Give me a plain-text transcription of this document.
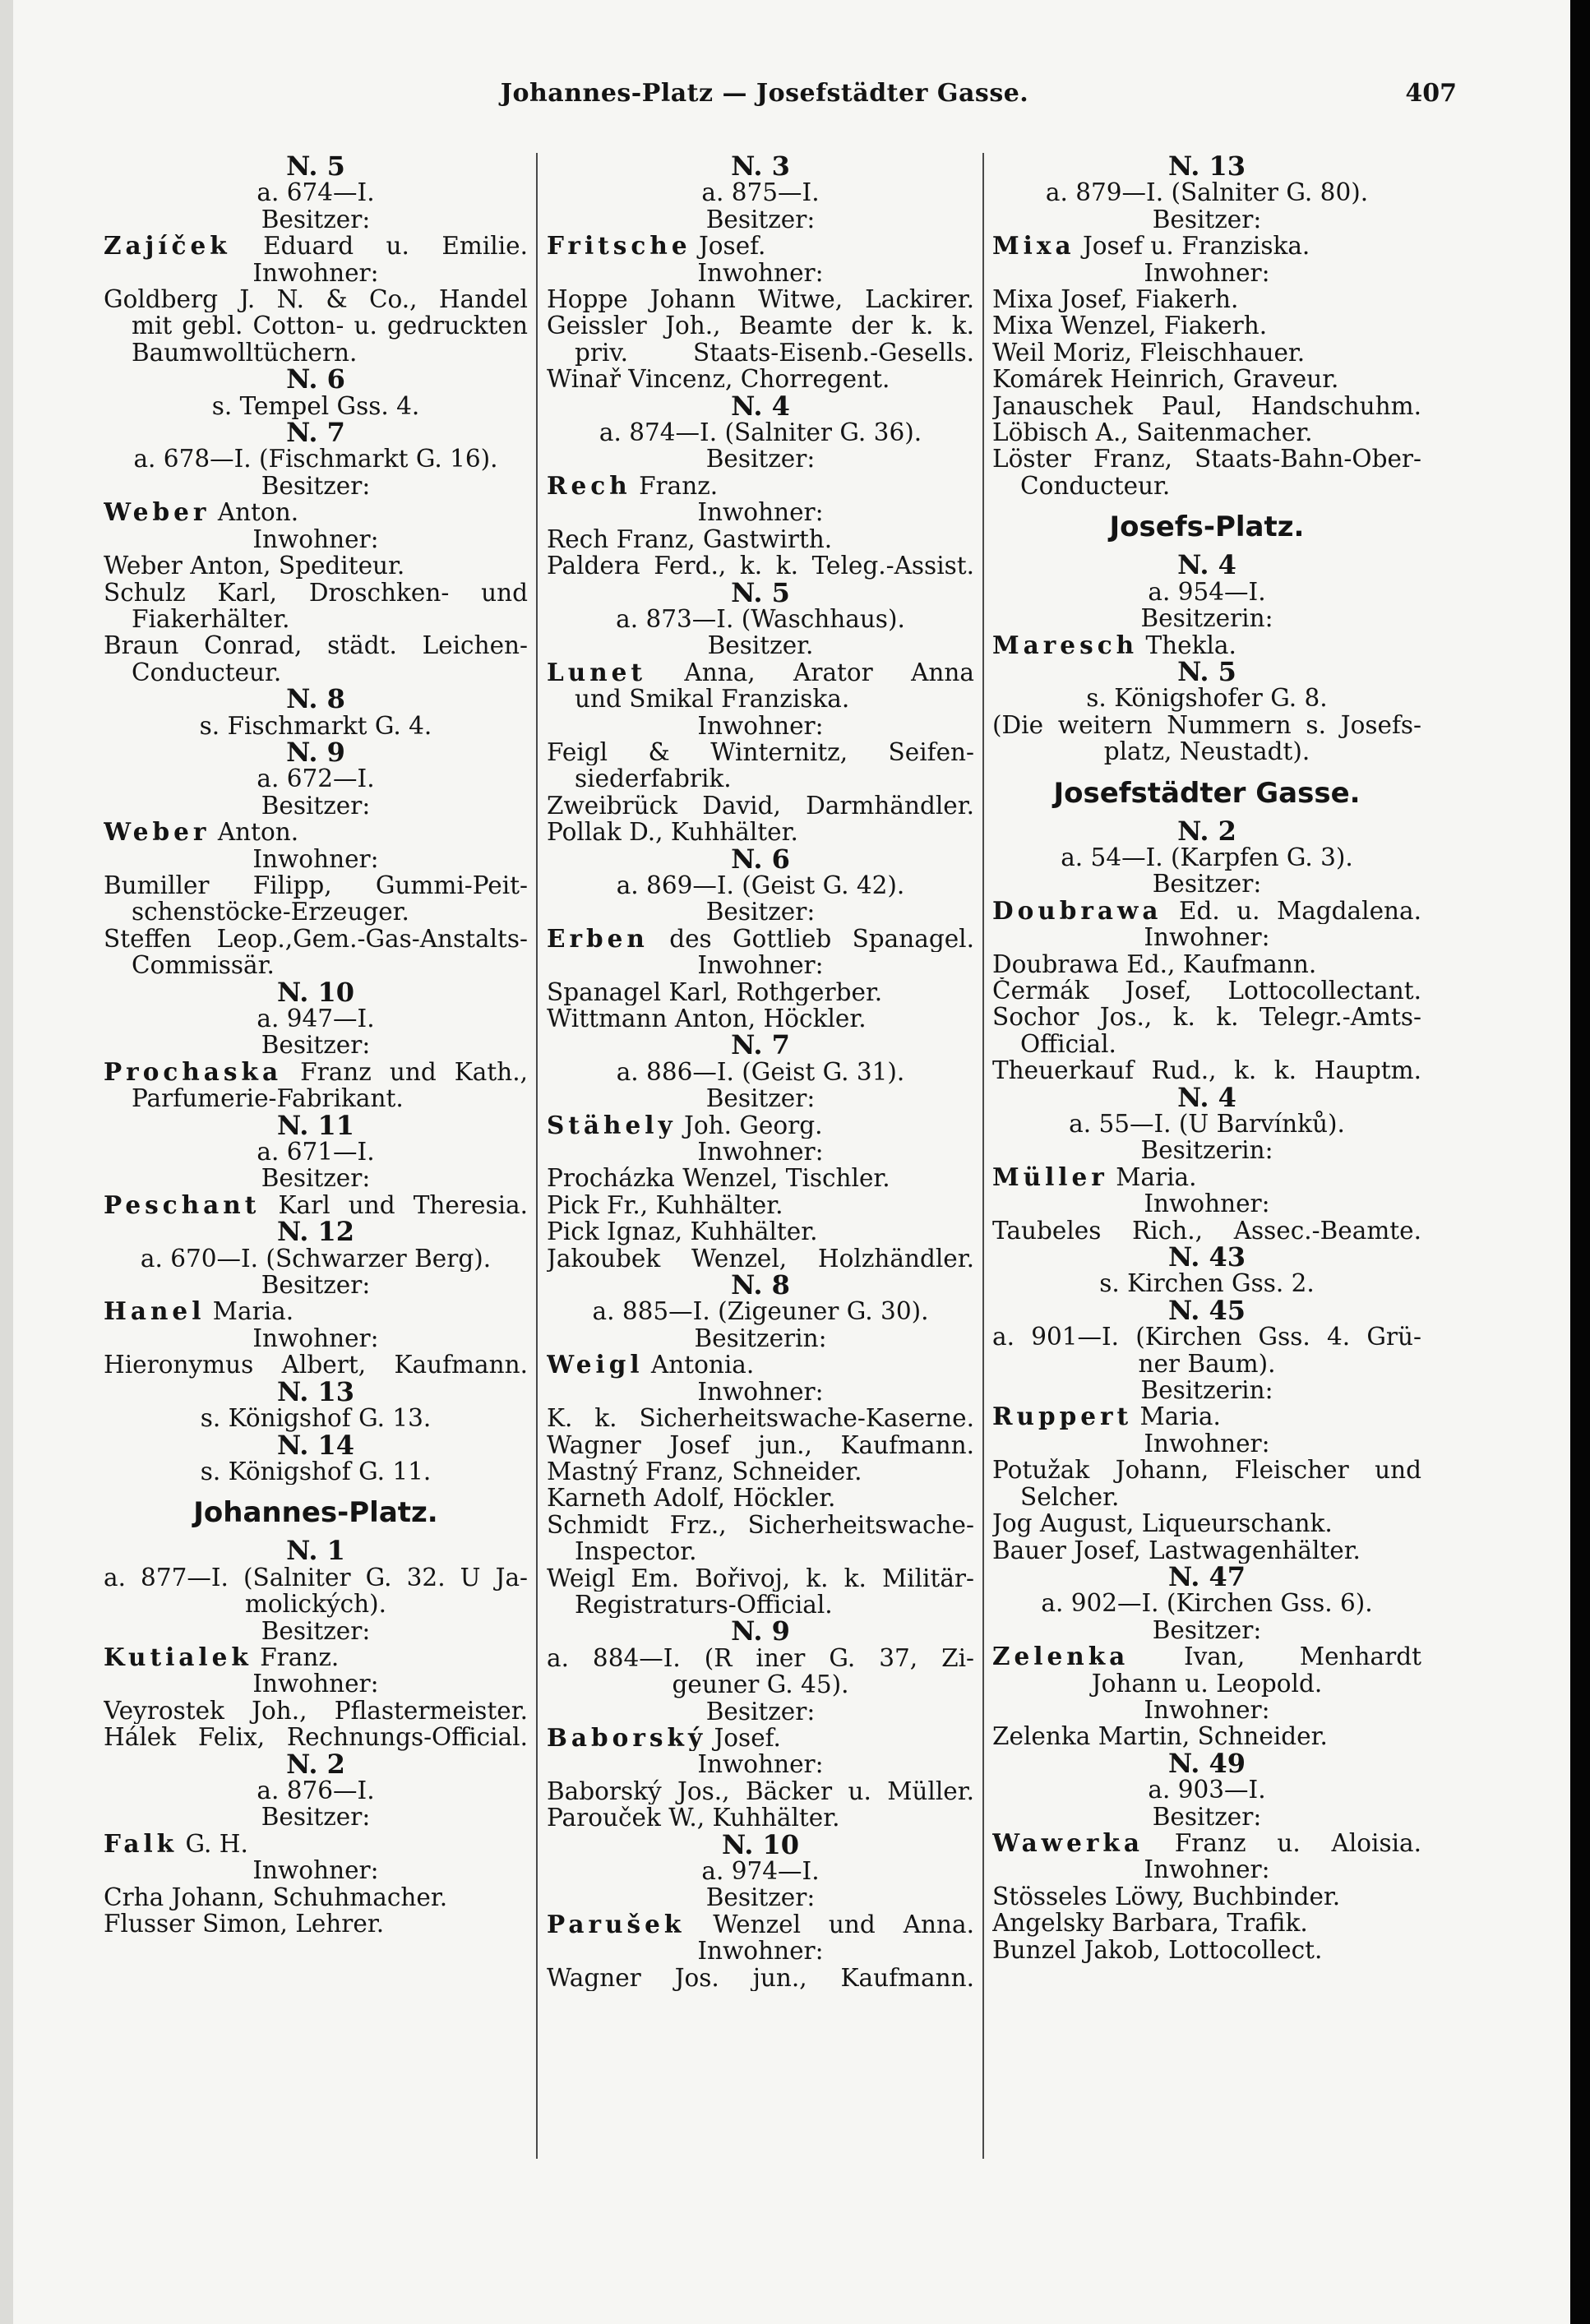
Johannes-Platz — Josefstädter Gasse.	407
N. 5
a. 674—I.
Besitzer:
Zajíček Eduard u. Emilie.
Inwohner:
Goldberg J. N. & Co., Handel
mit gebl. Cotton- u. gedruckten
Baumwolltüchern.
N. 6
s. Tempel Gss. 4.
N. 7
a. 678—I. (Fischmarkt G. 16).
Besitzer:
Weber Anton.
Inwohner:
Weber Anton, Spediteur.
Schulz Karl, Droschken- und
Fiakerhälter.
Braun Conrad, städt. Leichen-
Conducteur.
N. 8
s. Fischmarkt G. 4.
N. 9
a. 672—I.
Besitzer:
Weber Anton.
Inwohner:
Bumiller Filipp, Gummi-Peit-
schenstöcke-Erzeuger.
Steffen Leop.,Gem.-Gas-Anstalts-
Commissär.
N. 10
a. 947—I.
Besitzer:
Prochaska Franz und Kath.,
Parfumerie-Fabrikant.
N. 11
a. 671—I.
Besitzer:
Peschant Karl und Theresia.
N. 12
a. 670—I. (Schwarzer Berg).
Besitzer:
Hanel Maria.
Inwohner:
Hieronymus Albert, Kaufmann.
N. 13
s. Königshof G. 13.
N. 14
s. Königshof G. 11.
Johannes-Platz.
N. 1
a. 877—I. (Salniter G. 32. U Ja-
molických).
Besitzer:
Kutialek Franz.
Inwohner:
Veyrostek Joh., Pflastermeister.
Hálek Felix, Rechnungs-Official.
N. 2
a. 876—I.
Besitzer:
Falk G. H.
Inwohner:
Crha Johann, Schuhmacher.
Flusser Simon, Lehrer.
N. 3
a. 875—I.
Besitzer:
Fritsche Josef.
Inwohner:
Hoppe Johann Witwe, Lackirer.
Geissler Joh., Beamte der k. k.
priv. Staats-Eisenb.-Gesells.
Winař Vincenz, Chorregent.
N. 4
a. 874—I. (Salniter G. 36).
Besitzer:
Rech Franz.
Inwohner:
Rech Franz, Gastwirth.
Paldera Ferd., k. k. Teleg.-Assist.
N. 5
a. 873—I. (Waschhaus).
Besitzer.
Lunet Anna, Arator Anna
und Smikal Franziska.
Inwohner:
Feigl & Winternitz, Seifen-
siederfabrik.
Zweibrück David, Darmhändler.
Pollak D., Kuhhälter.
N. 6
a. 869—I. (Geist G. 42).
Besitzer:
Erben des Gottlieb Spanagel.
Inwohner:
Spanagel Karl, Rothgerber.
Wittmann Anton, Höckler.
N. 7
a. 886—I. (Geist G. 31).
Besitzer:
Stähely Joh. Georg.
Inwohner:
Procházka Wenzel, Tischler.
Pick Fr., Kuhhälter.
Pick Ignaz, Kuhhälter.
Jakoubek Wenzel, Holzhändler.
N. 8
a. 885—I. (Zigeuner G. 30).
Besitzerin:
Weigl Antonia.
Inwohner:
K. k. Sicherheitswache-Kaserne.
Wagner Josef jun., Kaufmann.
Mastný Franz, Schneider.
Karneth Adolf, Höckler.
Schmidt Frz., Sicherheitswache-
Inspector.
Weigl Em. Bořivoj, k. k. Militär-
Registraturs-Official.
N. 9
a. 884—I. (R iner G. 37, Zi-
geuner G. 45).
Besitzer:
Baborský Josef.
Inwohner:
Baborský Jos., Bäcker u. Müller.
Parouček W., Kuhhälter.
N. 10
a. 974—I.
Besitzer:
Parušek Wenzel und Anna.
Inwohner:
Wagner Jos. jun., Kaufmann.
N. 13
a. 879—I. (Salniter G. 80).
Besitzer:
Mixa Josef u. Franziska.
Inwohner:
Mixa Josef, Fiakerh.
Mixa Wenzel, Fiakerh.
Weil Moriz, Fleischhauer.
Komárek Heinrich, Graveur.
Janauschek Paul, Handschuhm.
Löbisch A., Saitenmacher.
Löster Franz, Staats-Bahn-Ober-
Conducteur.
Josefs-Platz.
N. 4
a. 954—I.
Besitzerin:
Maresch Thekla.
N. 5
s. Königshofer G. 8.
(Die weitern Nummern s. Josefs-
platz, Neustadt).
Josefstädter Gasse.
N. 2
a. 54—I. (Karpfen G. 3).
Besitzer:
Doubrawa Ed. u. Magdalena.
Inwohner:
Doubrawa Ed., Kaufmann.
Čermák Josef, Lottocollectant.
Sochor Jos., k. k. Telegr.-Amts-
Official.
Theuerkauf Rud., k. k. Hauptm.
N. 4
a. 55—I. (U Barvínků).
Besitzerin:
Müller Maria.
Inwohner:
Taubeles Rich., Assec.-Beamte.
N. 43
s. Kirchen Gss. 2.
N. 45
a. 901—I. (Kirchen Gss. 4. Grü-
ner Baum).
Besitzerin:
Ruppert Maria.
Inwohner:
Potužak Johann, Fleischer und
Selcher.
Jog August, Liqueurschank.
Bauer Josef, Lastwagenhälter.
N. 47
a. 902—I. (Kirchen Gss. 6).
Besitzer:
Zelenka Ivan, Menhardt
Johann u. Leopold.
Inwohner:
Zelenka Martin, Schneider.
N. 49
a. 903—I.
Besitzer:
Wawerka Franz u. Aloisia.
Inwohner:
Stösseles Löwy, Buchbinder.
Angelsky Barbara, Trafik.
Bunzel Jakob, Lottocollect.
